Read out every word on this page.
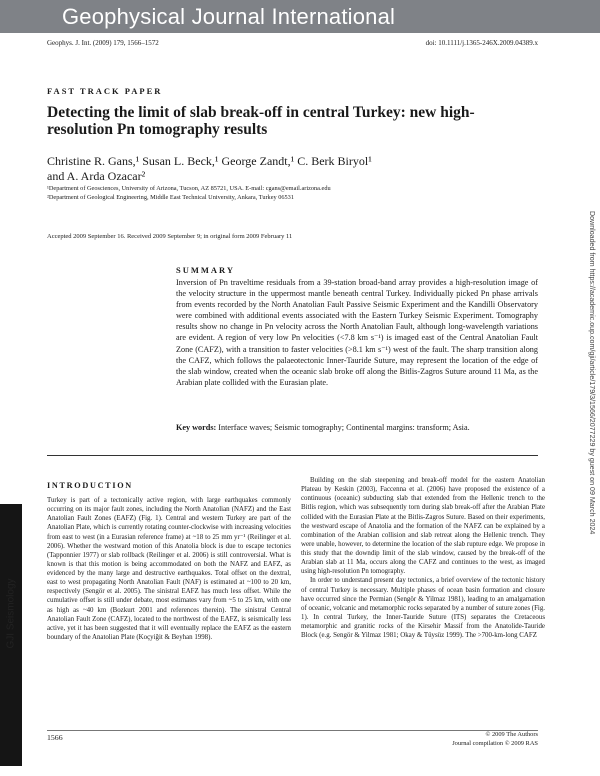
Geophysical Journal International
Geophys. J. Int. (2009) 179, 1566–1572	doi: 10.1111/j.1365-246X.2009.04389.x
FAST TRACK PAPER
Detecting the limit of slab break-off in central Turkey: new high-resolution Pn tomography results
Christine R. Gans,¹ Susan L. Beck,¹ George Zandt,¹ C. Berk Biryol¹
and A. Arda Ozacar²
¹Department of Geosciences, University of Arizona, Tucson, AZ 85721, USA. E-mail: cgans@email.arizona.edu
²Department of Geological Engineering, Middle East Technical University, Ankara, Turkey 06531
Accepted 2009 September 16. Received 2009 September 9; in original form 2009 February 11
SUMMARY
Inversion of Pn traveltime residuals from a 39-station broad-band array provides a high-resolution image of the velocity structure in the uppermost mantle beneath central Turkey. Individually picked Pn phase arrivals from events recorded by the North Anatolian Fault Passive Seismic Experiment and the Kandilli Observatory were combined with additional events associated with the Eastern Turkey Seismic Experiment. Tomography results show no change in Pn velocity across the North Anatolian Fault, although long-wavelength variations are evident. A region of very low Pn velocities (<7.8 km s⁻¹) is imaged east of the Central Anatolian Fault Zone (CAFZ), with a transition to faster velocities (>8.1 km s⁻¹) west of the fault. The sharp transition along the CAFZ, which follows the palaeotectonic Inner-Tauride Suture, may represent the location of the edge of the slab window, created when the oceanic slab broke off along the Bitlis-Zagros Suture around 11 Ma, as the Arabian plate collided with the Eurasian plate.
Key words: Interface waves; Seismic tomography; Continental margins: transform; Asia.
INTRODUCTION

Turkey is part of a tectonically active region, with large earthquakes commonly occurring on its major fault zones, including the North Anatolian (NAFZ) and the East Anatolian Fault Zones (EAFZ) (Fig. 1). Central and western Turkey are part of the Anatolian Plate, which is currently rotating counter-clockwise with increasing velocities from east to west (in a Eurasian reference frame) at ~18 to 25 mm yr⁻¹ (Reilinger et al. 2006). Whether the westward motion of this Anatolia block is due to escape tectonics (Tapponnier 1977) or slab rollback (Reilinger et al. 2006) is still controversial. What is known is that this motion is being accommodated on both the NAFZ and EAFZ, as evidenced by the many large and destructive earthquakes. Total offset on the dextral, east to west propagating North Anatolian Fault (NAF) is estimated at ~100 to 20 km, respectively (Sengör et al. 2005). The sinistral EAFZ has much less offset. While the cumulative offset is still under debate, most estimates vary from ~5 to 25 km, with one as high as ~40 km (Bozkurt 2001 and references therein). The sinistral Central Anatolian Fault Zone (CAFZ), located to the northwest of the EAFZ, is seismically less active, yet it has been suggested that it will eventually replace the EAFZ as the eastern boundary of the Anatolian Plate (Koçyiğit & Beyhan 1998).

Building on the slab steepening and break-off model for the eastern Anatolian Plateau by Keskin (2003), Faccenna et al. (2006) have proposed the existence of a continuous (oceanic) subducting slab that extended from the Hellenic trench to the Bitlis region, which was subsequently torn during slab break-off after the Arabian Plate collided with the Eurasian Plate at the Bitlis-Zagros Suture. Based on their experiments, the westward escape of Anatolia and the formation of the NAFZ can be explained by a combination of the Arabian collision and slab retreat along the Hellenic trench. They were unable, however, to determine the location of the slab rupture edge. We propose in this study that the downdip limit of the slab window, caused by the break-off of the Arabian slab at 11 Ma, occurs along the CAFZ and continues to the west, as imaged using high-resolution Pn tomography.

In order to understand present day tectonics, a brief overview of the tectonic history of central Turkey is necessary. Multiple phases of ocean basin formation and closure have occurred since the Permian (Sengör & Yilmaz 1981), leading to an amalgamation of oceanic, volcanic and metamorphic rocks separated by a number of suture zones (Fig. 1). In central Turkey, the Inner-Tauride Suture (ITS) separates the Cretaceous metamorphic and granitic rocks of the Kirsehir Massif from the Anatolide-Tauride Block (e.g. Sengör & Yilmaz 1981; Okay & Tüysüz 1999). The >700-km-long CAFZ

GJI Seismology
Downloaded from https://academic.oup.com/gji/article/179/3/1566/2077229 by guest on 09 March 2024
1566	© 2009 The Authors
Journal compilation © 2009 RAS
